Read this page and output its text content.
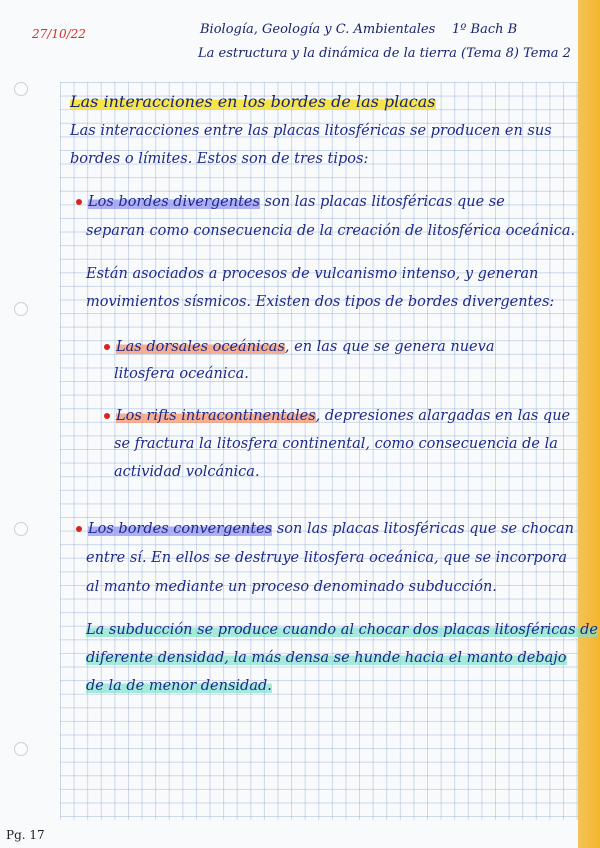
27/10/22	Biología, Geología y C. Ambientales 1º Bach B
La estructura y la dinámica de la tierra (Tema 8) Tema 2
Las interacciones en los bordes de las placas
Las interacciones entre las placas litosféricas se producen en sus
bordes o límites. Estos son de tres tipos:
Los bordes divergentes son las placas litosféricas que se
separan como consecuencia de la creación de litosférica oceánica.
Están asociados a procesos de vulcanismo intenso, y generan
movimientos sísmicos. Existen dos tipos de bordes divergentes:
Las dorsales oceánicas, en las que se genera nueva
litosfera oceánica.
Los rifts intracontinentales, depresiones alargadas en las que
se fractura la litosfera continental, como consecuencia de la
actividad volcánica.
Los bordes convergentes son las placas litosféricas que se chocan
entre sí. En ellos se destruye litosfera oceánica, que se incorpora
al manto mediante un proceso denominado subducción.
La subducción se produce cuando al chocar dos placas litosféricas de
diferente densidad, la más densa se hunde hacia el manto debajo
de la de menor densidad.
Pg. 17
